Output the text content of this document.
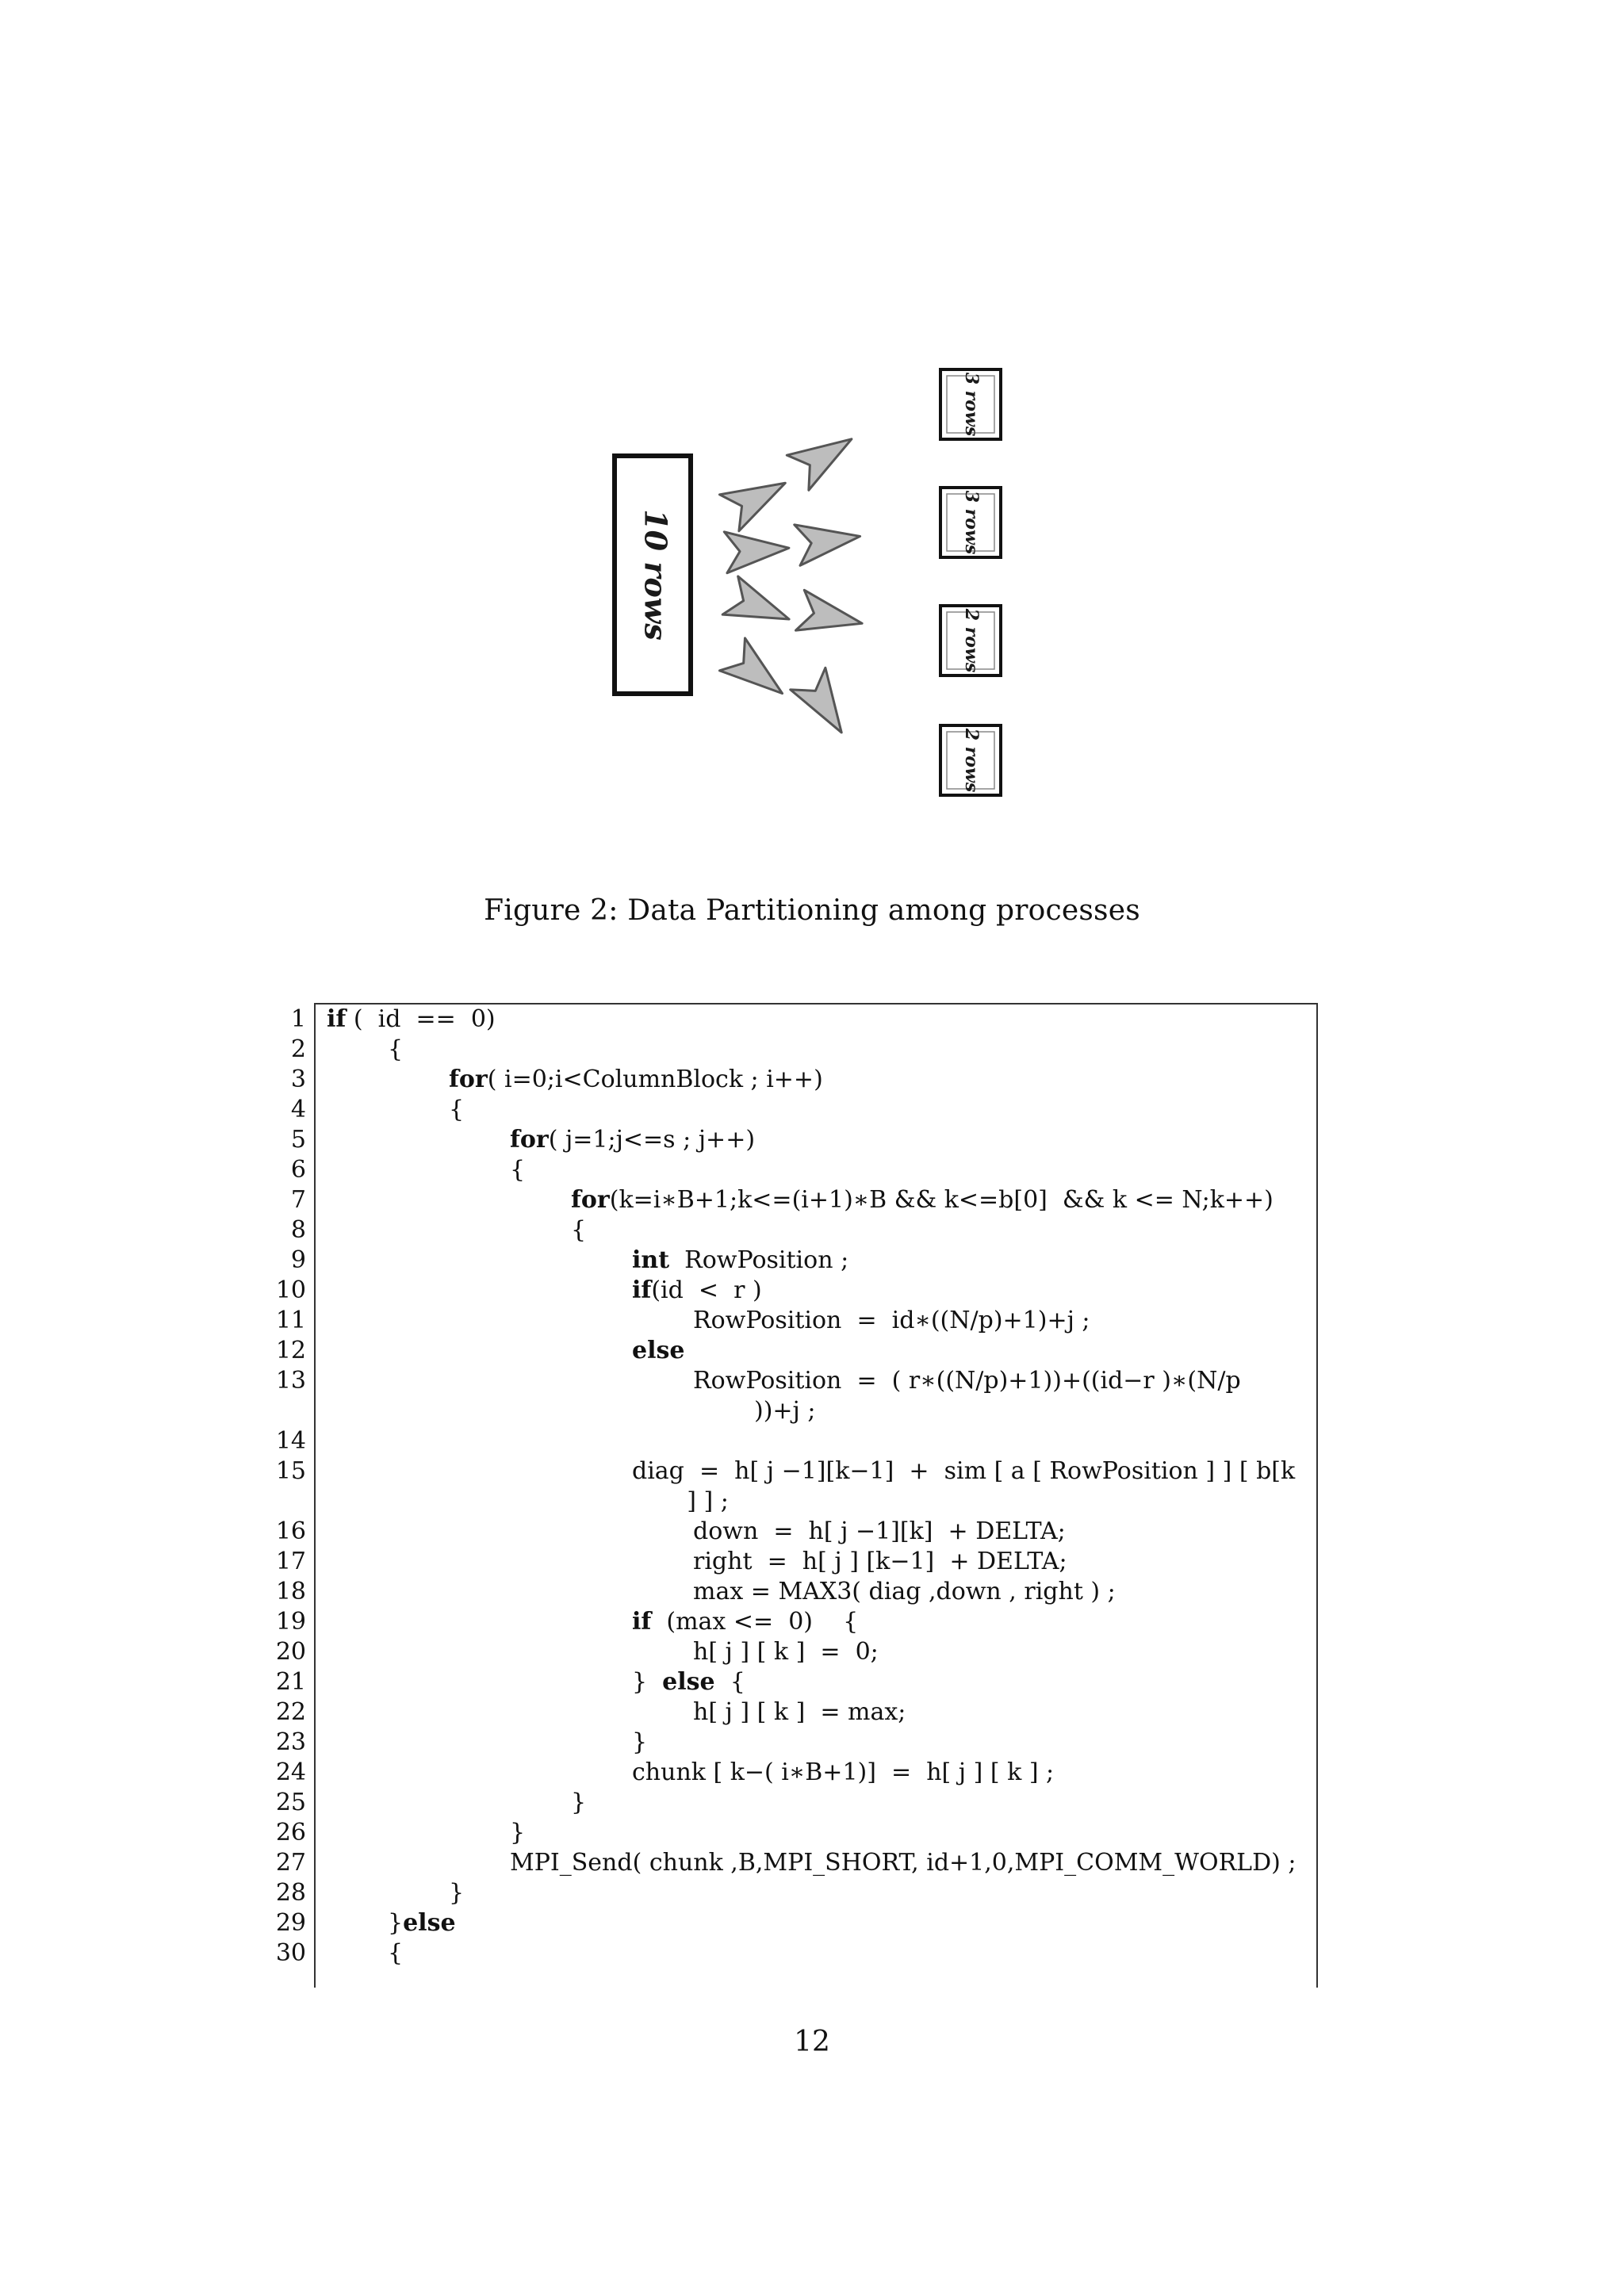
10 rows
3 rows
3 rows
2 rows
2 rows
Figure 2: Data Partitioning among processes
1 if (  id  ==  0)
2	{
3	for( i=0;i<ColumnBlock ; i++)
4	{
5	for( j=1;j<=s ; j++)
6	{
7	for(k=i∗B+1;k<=(i+1)∗B && k<=b[0]  && k <= N;k++)
8	{
9	int  RowPosition ;
10	if(id  <  r )
11	RowPosition  =  id∗((N/p)+1)+j ;
12	else
13	RowPosition  =  ( r∗((N/p)+1))+((id−r )∗(N/p
))+j ;
14
15	diag  =  h[ j −1][k−1]  +  sim [ a [ RowPosition ] ] [ b[k
] ] ;
16	down  =  h[ j −1][k]  + DELTA;
17	right  =  h[ j ] [k−1]  + DELTA;
18	max = MAX3( diag ,down , right ) ;
19	if  (max <=  0)    {
20	h[ j ] [ k ]  =  0;
21	}  else  {
22	h[ j ] [ k ]  = max;
23	}
24	chunk [ k−( i∗B+1)]  =  h[ j ] [ k ] ;
25	}
26	}
27	MPI_Send( chunk ,B,MPI_SHORT, id+1,0,MPI_COMM_WORLD) ;
28	}
29	}else
30	{
12
